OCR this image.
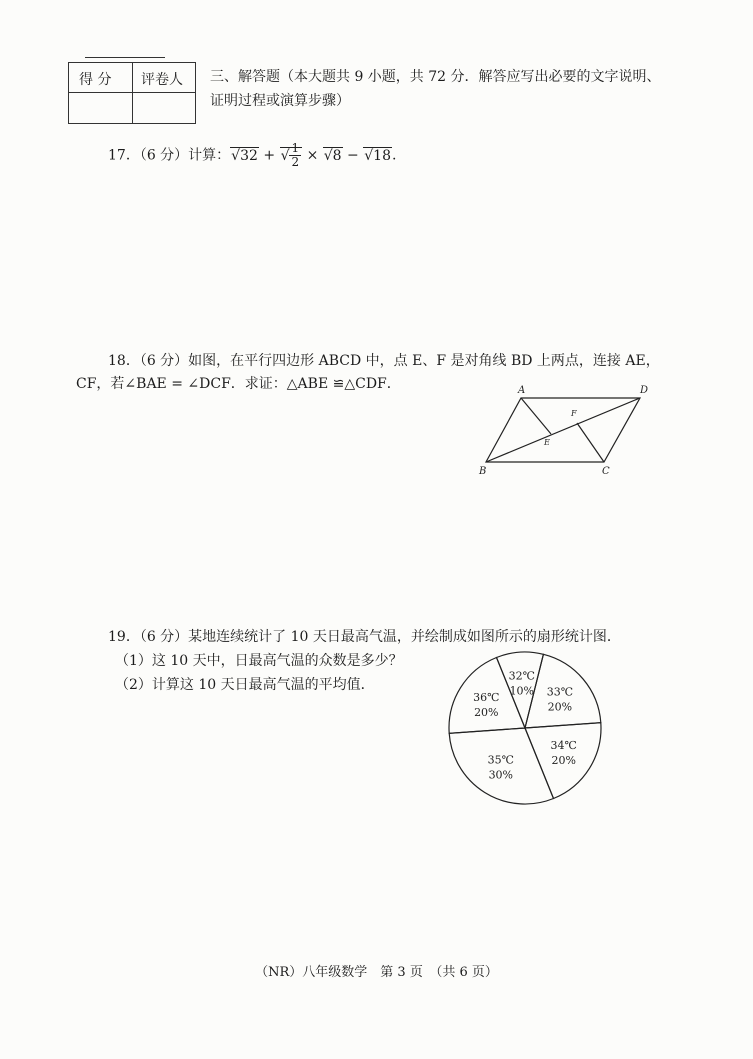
得 分 评卷人 三、解答题（本大题共 9 小题，共 72 分．解答应写出必要的文字说明、
证明过程或演算步骤）
17．（6 分）计算：√32 + √ $\frac{1}{2} \times √8 - √18$.
18．（6 分）如图，在平行四边形 ABCD 中，点 E、F 是对角线 BD 上两点，连接 AE，
CF，若∠BAE = ∠DCF．求证：△ABE ≌△CDF．	A	D
B	C
E
F
19．（6 分）某地连续统计了 10 天日最高气温，并绘制成如图所示的扇形统计图．
（1）这 10 天中，日最高气温的众数是多少？
（2）计算这 10 天日最高气温的平均值．
32℃
10% 33℃
20%
34℃
20%
35℃
30%
36℃
20%
（NR）八年级数学　第 3 页　（共 6 页）
